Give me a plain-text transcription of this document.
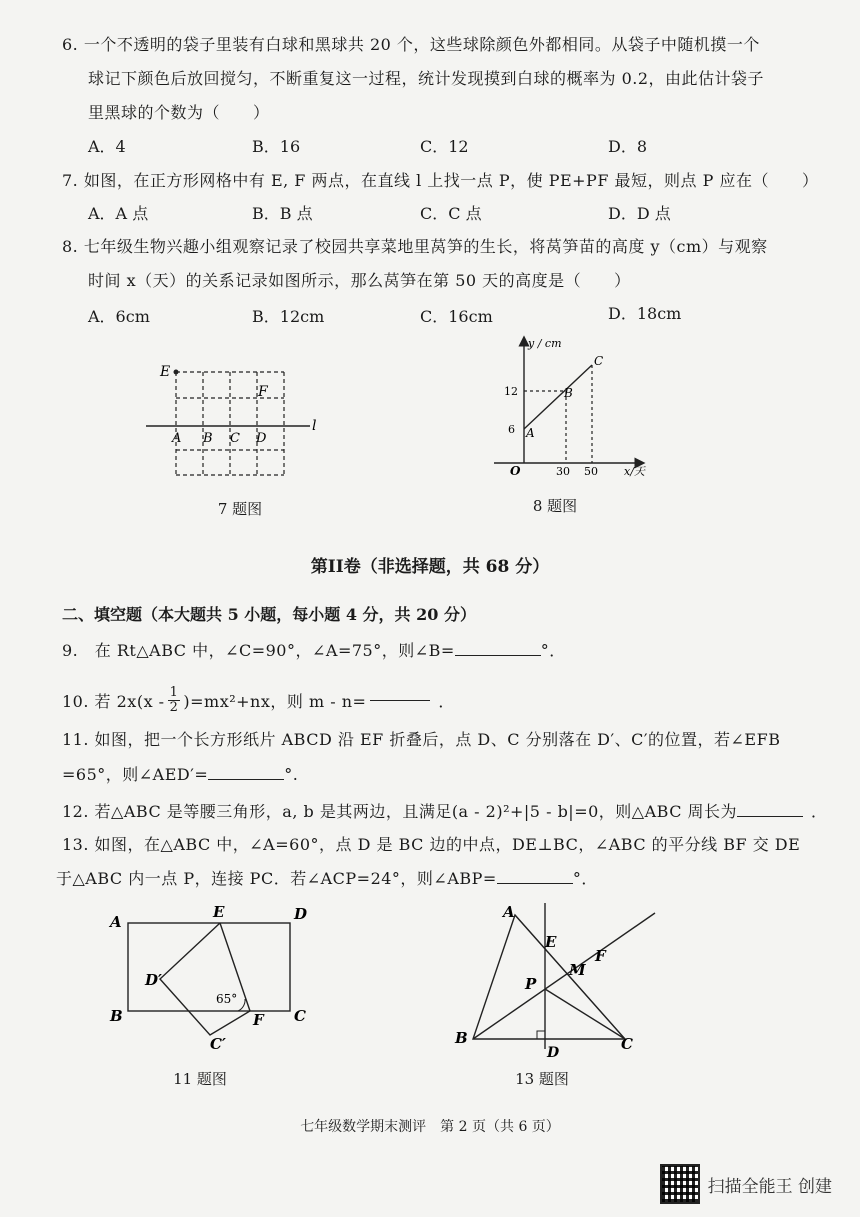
6. 一个不透明的袋子里装有白球和黑球共 20 个，这些球除颜色外都相同。从袋子中随机摸一个
球记下颜色后放回搅匀，不断重复这一过程，统计发现摸到白球的概率为 0.2，由此估计袋子
里黑球的个数为（　　）
A．4	B．16	C．12	D．8
7. 如图，在正方形网格中有 E, F 两点，在直线 l 上找一点 P，使 PE+PF 最短，则点 P 应在（　　）
A．A 点	B．B 点	C．C 点	D．D 点
8. 七年级生物兴趣小组观察记录了校园共享菜地里莴笋的生长，将莴笋苗的高度 y（cm）与观察
时间 x（天）的关系记录如图所示，那么莴笋在第 50 天的高度是（　　）
A．6cm	B．12cm	C．16cm	D．18cm
E
F
A B C D
l
7 题图
y / cm
x/天
O
12
6
30 50
A
B
C
8 题图
第II卷（非选择题，共 68 分）
二、填空题（本大题共 5 小题，每小题 4 分，共 20 分）
9.　在 Rt△ABC 中，∠C=90°，∠A=75°，则∠B=	°．
10. 若 $2x(x - \frac{1}{2} )=mx^2+nx$，则 m - n=	．
11. 如图，把一个长方形纸片 ABCD 沿 EF 折叠后，点 D、C 分别落在 D′、C′的位置，若∠EFB
=65°，则∠AED′=	°.
12. 若△ABC 是等腰三角形，a, b 是其两边，且满足(a - 2)²+|5 - b|=0，则△ABC 周长为	．
13. 如图，在△ABC 中，∠A=60°，点 D 是 BC 边的中点，DE⊥BC，∠ABC 的平分线 BF 交 DE
于△ABC 内一点 P，连接 PC．若∠ACP=24°，则∠ABP=	°．
A
B	C
D
E
F
D′
C′
65°
11 题图
A
B	C
D
E
P
M
F
13 题图
七年级数学期末测评　第 2 页（共 6 页）
扫描全能王 创建
